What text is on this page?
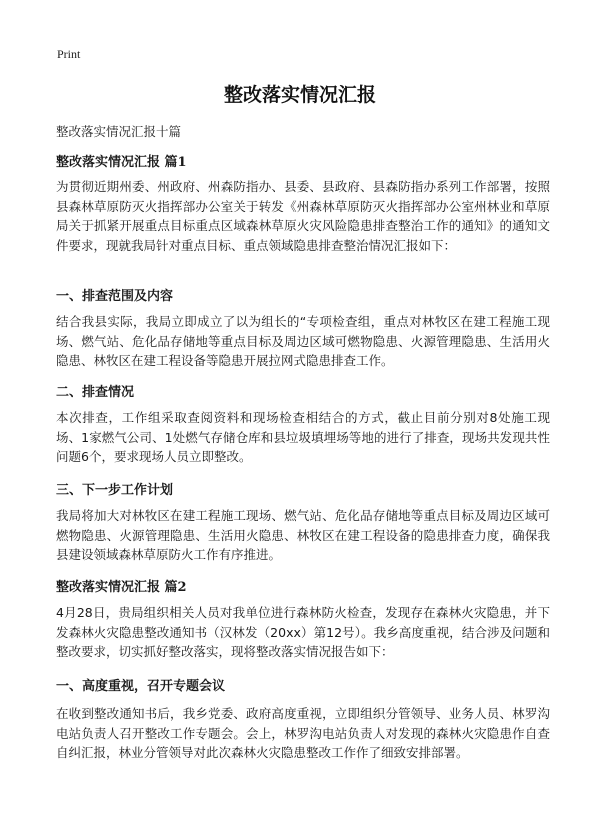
Print
整改落实情况汇报

整改落实情况汇报十篇

整改落实情况汇报 篇1

为贯彻近期州委、州政府、州森防指办、县委、县政府、县森防指办系列工作部署，按照县森林草原防灭火指挥部办公室关于转发《州森林草原防灭火指挥部办公室州林业和草原局关于抓紧开展重点目标重点区域森林草原火灾风险隐患排查整治工作的通知》的通知文件要求，现就我局针对重点目标、重点领域隐患排查整治情况汇报如下：

一、排查范围及内容

结合我县实际，我局立即成立了以为组长的“专项检查组，重点对林牧区在建工程施工现场、燃气站、危化品存储地等重点目标及周边区域可燃物隐患、火源管理隐患、生活用火隐患、林牧区在建工程设备等隐患开展拉网式隐患排查工作。

二、排查情况

本次排查，工作组采取查阅资料和现场检查相结合的方式，截止目前分别对8处施工现场、1家燃气公司、1处燃气存储仓库和县垃圾填埋场等地的进行了排查，现场共发现共性问题6个，要求现场人员立即整改。

三、下一步工作计划

我局将加大对林牧区在建工程施工现场、燃气站、危化品存储地等重点目标及周边区域可燃物隐患、火源管理隐患、生活用火隐患、林牧区在建工程设备的隐患排查力度，确保我县建设领域森林草原防火工作有序推进。

整改落实情况汇报 篇2

4月28日，贵局组织相关人员对我单位进行森林防火检查，发现存在森林火灾隐患，并下发森林火灾隐患整改通知书（汉林发（20xx）第12号）。我乡高度重视，结合涉及问题和整改要求，切实抓好整改落实，现将整改落实情况报告如下：

一、高度重视，召开专题会议

在收到整改通知书后，我乡党委、政府高度重视，立即组织分管领导、业务人员、林罗沟电站负责人召开整改工作专题会。会上，林罗沟电站负责人对发现的森林火灾隐患作自查自纠汇报，林业分管领导对此次森林火灾隐患整改工作作了细致安排部署。
